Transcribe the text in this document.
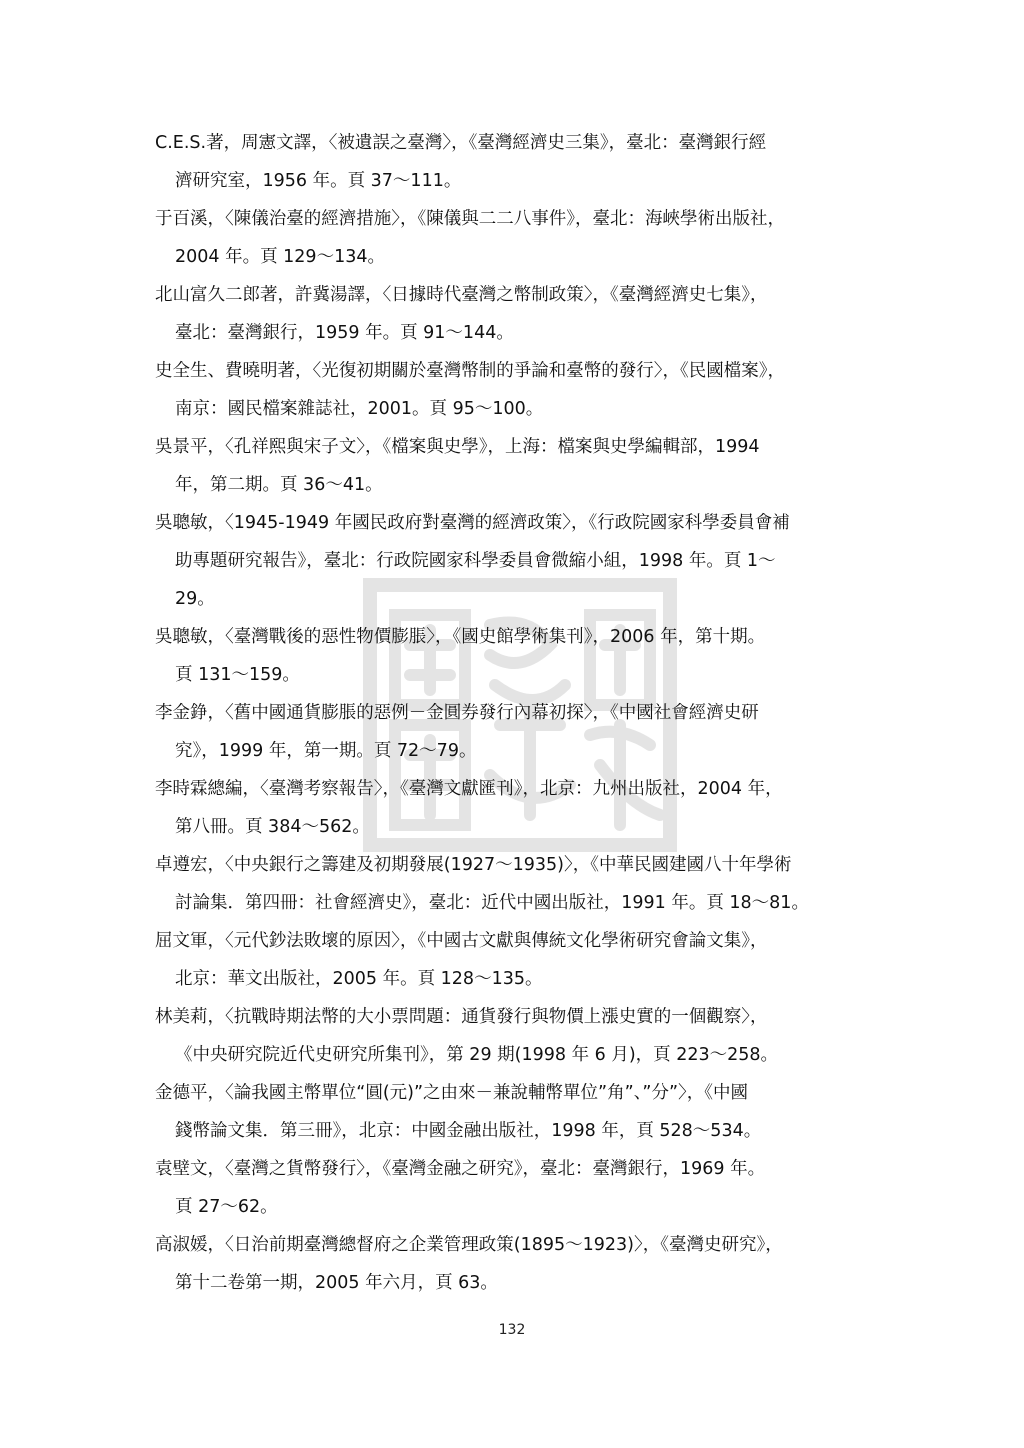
C.E.S.著，周憲文譯，〈被遺誤之臺灣〉，《臺灣經濟史三集》，臺北：臺灣銀行經
濟研究室，1956 年。頁 37～111。

于百溪，〈陳儀治臺的經濟措施〉，《陳儀與二二八事件》，臺北：海峽學術出版社，
2004 年。頁 129～134。

北山富久二郎著，許冀湯譯，〈日據時代臺灣之幣制政策〉，《臺灣經濟史七集》，
臺北：臺灣銀行，1959 年。頁 91～144。

史全生、費曉明著，〈光復初期關於臺灣幣制的爭論和臺幣的發行〉，《民國檔案》，
南京：國民檔案雜誌社，2001。頁 95～100。

吳景平，〈孔祥熙與宋子文〉，《檔案與史學》，上海：檔案與史學編輯部，1994
年，第二期。頁 36～41。

吳聰敏，〈1945-1949 年國民政府對臺灣的經濟政策〉，《行政院國家科學委員會補
助專題研究報告》，臺北：行政院國家科學委員會微縮小組，1998 年。頁 1～
29。

吳聰敏，〈臺灣戰後的惡性物價膨脹〉，《國史館學術集刊》，2006 年，第十期。
頁 131～159。

李金錚，〈舊中國通貨膨脹的惡例－金圓券發行內幕初探〉，《中國社會經濟史研
究》，1999 年，第一期。頁 72～79。

李時霖總編，〈臺灣考察報告〉，《臺灣文獻匯刊》，北京：九州出版社，2004 年，
第八冊。頁 384～562。

卓遵宏，〈中央銀行之籌建及初期發展(1927～1935)〉，《中華民國建國八十年學術
討論集．第四冊：社會經濟史》，臺北：近代中國出版社，1991 年。頁 18～81。

屈文軍，〈元代鈔法敗壞的原因〉，《中國古文獻與傳統文化學術研究會論文集》，
北京：華文出版社，2005 年。頁 128～135。

林美莉，〈抗戰時期法幣的大小票問題：通貨發行與物價上漲史實的一個觀察〉，
《中央研究院近代史研究所集刊》，第 29 期(1998 年 6 月)，頁 223～258。

金德平，〈論我國主幣單位“圓(元)”之由來－兼說輔幣單位”角”、”分”〉，《中國
錢幣論文集．第三冊》，北京：中國金融出版社，1998 年，頁 528～534。

袁壁文，〈臺灣之貨幣發行〉，《臺灣金融之研究》，臺北：臺灣銀行，1969 年。
頁 27～62。

高淑媛，〈日治前期臺灣總督府之企業管理政策(1895～1923)〉，《臺灣史研究》，
第十二卷第一期，2005 年六月，頁 63。

132
